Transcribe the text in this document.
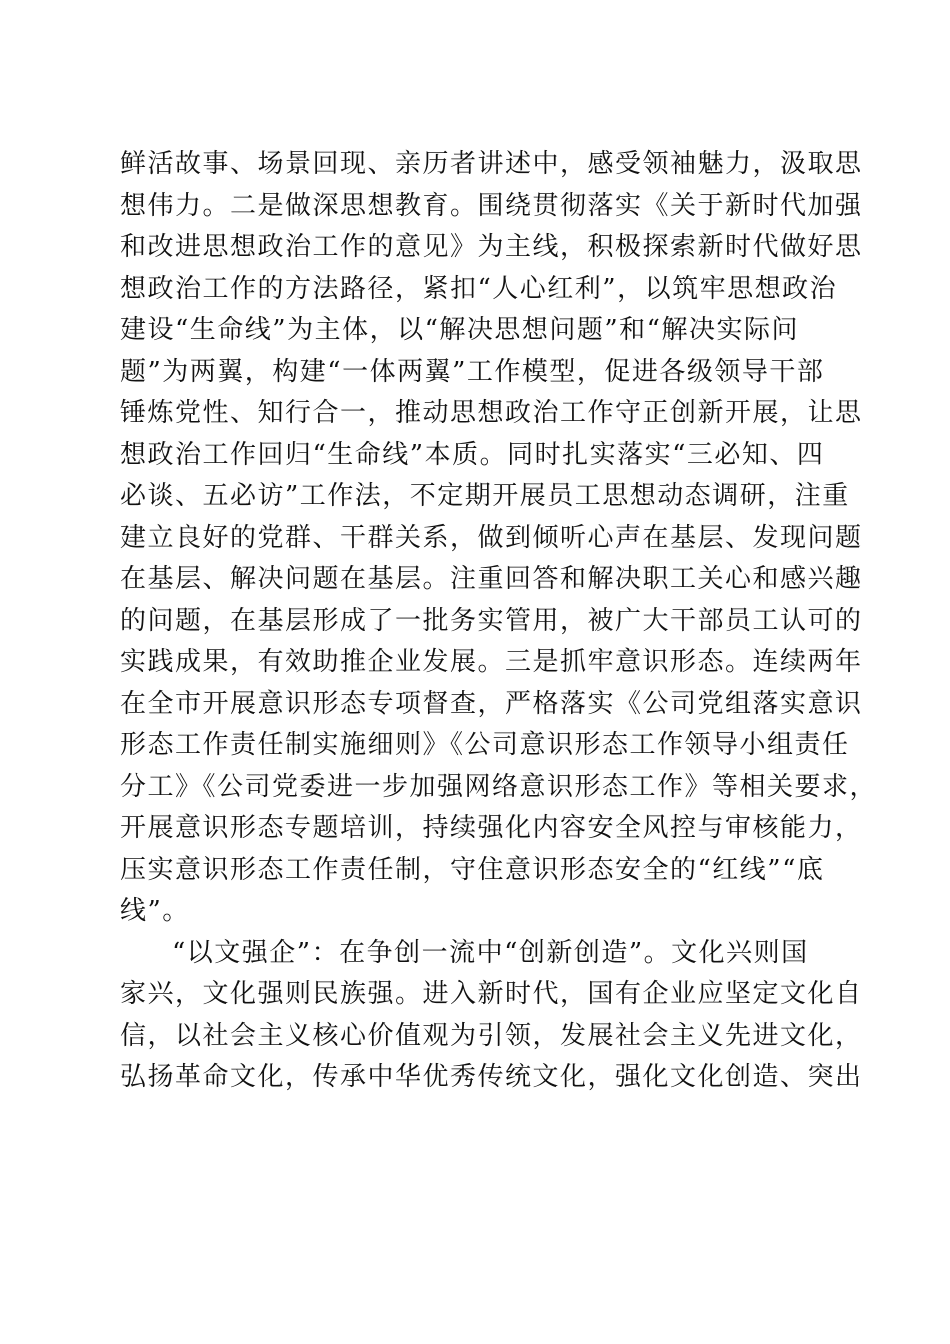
鲜活故事、场景回现、亲历者讲述中，感受领袖魅力，汲取思
想伟力。二是做深思想教育。围绕贯彻落实《关于新时代加强
和改进思想政治工作的意见》为主线，积极探索新时代做好思
想政治工作的方法路径，紧扣“人心红利”，以筑牢思想政治
建设“生命线”为主体，以“解决思想问题”和“解决实际问
题”为两翼，构建“一体两翼”工作模型，促进各级领导干部
锤炼党性、知行合一，推动思想政治工作守正创新开展，让思
想政治工作回归“生命线”本质。同时扎实落实“三必知、四
必谈、五必访”工作法，不定期开展员工思想动态调研，注重
建立良好的党群、干群关系，做到倾听心声在基层、发现问题
在基层、解决问题在基层。注重回答和解决职工关心和感兴趣
的问题，在基层形成了一批务实管用，被广大干部员工认可的
实践成果，有效助推企业发展。三是抓牢意识形态。连续两年
在全市开展意识形态专项督查，严格落实《公司党组落实意识
形态工作责任制实施细则》《公司意识形态工作领导小组责任
分工》《公司党委进一步加强网络意识形态工作》等相关要求，
开展意识形态专题培训，持续强化内容安全风控与审核能力，
压实意识形态工作责任制，守住意识形态安全的“红线”“底
线”。
“以文强企”：在争创一流中“创新创造”。文化兴则国
家兴，文化强则民族强。进入新时代，国有企业应坚定文化自
信，以社会主义核心价值观为引领，发展社会主义先进文化，
弘扬革命文化，传承中华优秀传统文化，强化文化创造、突出
